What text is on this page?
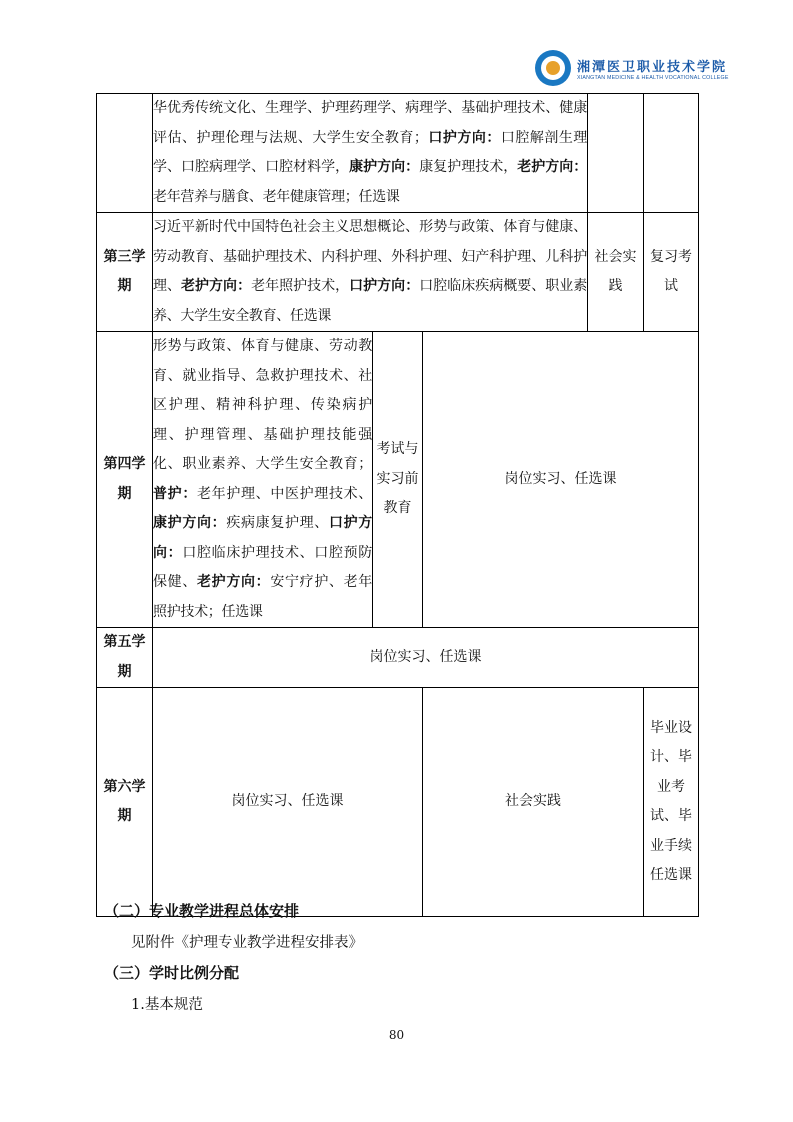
湘潭医卫职业技术学院
XIANGTAN MEDICINE & HEALTH VOCATIONAL COLLEGE
	华优秀传统文化、生理学、护理药理学、病理学、基础护理技术、健康评估、护理伦理与法规、大学生安全教育；口护方向：口腔解剖生理学、口腔病理学、口腔材料学，康护方向：康复护理技术，老护方向：老年营养与膳食、老年健康管理；任选课				
第三学期	习近平新时代中国特色社会主义思想概论、形势与政策、体育与健康、劳动教育、基础护理技术、内科护理、外科护理、妇产科护理、儿科护理、老护方向：老年照护技术，口护方向：口腔临床疾病概要、职业素养、大学生安全教育、任选课			社会实践	复习考试
第四学期	形势与政策、体育与健康、劳动教育、就业指导、急救护理技术、社区护理、精神科护理、传染病护理、护理管理、基础护理技能强化、职业素养、大学生安全教育；普护：老年护理、中医护理技术、康护方向：疾病康复护理、口护方向：口腔临床护理技术、口腔预防保健、老护方向：安宁疗护、老年照护技术；任选课	考试与实习前教育	岗位实习、任选课		
第五学期	岗位实习、任选课				
第六学期	岗位实习、任选课		社会实践		毕业设计、毕业考试、毕业手续任选课
（二）专业教学进程总体安排
见附件《护理专业教学进程安排表》
（三）学时比例分配
1.基本规范
80
